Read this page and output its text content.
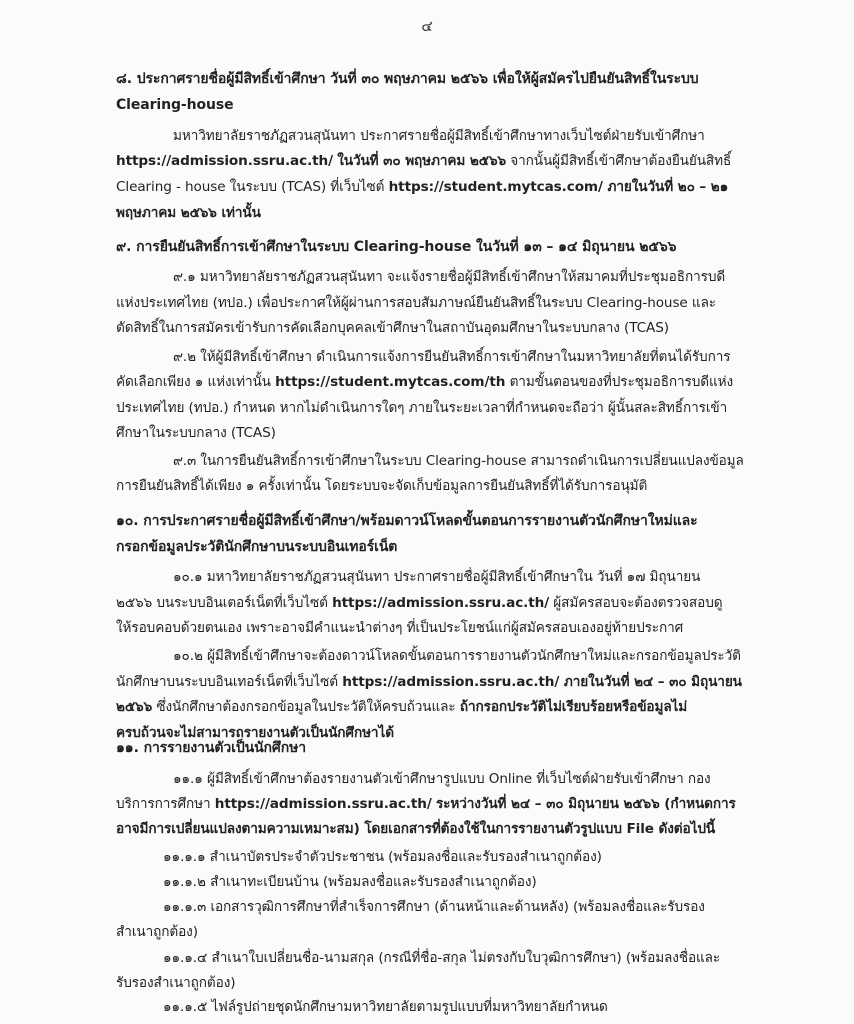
๔
๘. ประกาศรายชื่อผู้มีสิทธิ์เข้าศึกษา วันที่ ๓๐ พฤษภาคม ๒๕๖๖ เพื่อให้ผู้สมัครไปยืนยันสิทธิ์ในระบบ
Clearing-house
มหาวิทยาลัยราชภัฏสวนสุนันทา ประกาศรายชื่อผู้มีสิทธิ์เข้าศึกษาทางเว็บไซต์ฝ่ายรับเข้าศึกษา
https://admission.ssru.ac.th/ ในวันที่ ๓๐ พฤษภาคม ๒๕๖๖ จากนั้นผู้มีสิทธิ์เข้าศึกษาต้องยืนยันสิทธิ์
Clearing - house ในระบบ (TCAS) ที่เว็บไซต์ https://student.mytcas.com/ ภายในวันที่ ๒๐ – ๒๑
พฤษภาคม ๒๕๖๖ เท่านั้น
๙. การยืนยันสิทธิ์การเข้าศึกษาในระบบ Clearing-house ในวันที่ ๑๓ – ๑๔ มิถุนายน ๒๕๖๖
๙.๑ มหาวิทยาลัยราชภัฏสวนสุนันทา จะแจ้งรายชื่อผู้มีสิทธิ์เข้าศึกษาให้สมาคมที่ประชุมอธิการบดี
แห่งประเทศไทย (ทปอ.) เพื่อประกาศให้ผู้ผ่านการสอบสัมภาษณ์ยืนยันสิทธิ์ในระบบ Clearing-house และ
ตัดสิทธิ์ในการสมัครเข้ารับการคัดเลือกบุคคลเข้าศึกษาในสถาบันอุดมศึกษาในระบบกลาง (TCAS)
๙.๒ ให้ผู้มีสิทธิ์เข้าศึกษา ดำเนินการแจ้งการยืนยันสิทธิ์การเข้าศึกษาในมหาวิทยาลัยที่ตนได้รับการ
คัดเลือกเพียง ๑ แห่งเท่านั้น https://student.mytcas.com/th ตามขั้นตอนของที่ประชุมอธิการบดีแห่ง
ประเทศไทย (ทปอ.) กำหนด หากไม่ดำเนินการใดๆ ภายในระยะเวลาที่กำหนดจะถือว่า ผู้นั้นสละสิทธิ์การเข้า
ศึกษาในระบบกลาง (TCAS)
๙.๓ ในการยืนยันสิทธิ์การเข้าศึกษาในระบบ Clearing-house สามารถดำเนินการเปลี่ยนแปลงข้อมูล
การยืนยันสิทธิ์ได้เพียง ๑ ครั้งเท่านั้น โดยระบบจะจัดเก็บข้อมูลการยืนยันสิทธิ์ที่ได้รับการอนุมัติ
๑๐. การประกาศรายชื่อผู้มีสิทธิ์เข้าศึกษา/พร้อมดาวน์โหลดขั้นตอนการรายงานตัวนักศึกษาใหม่และ
กรอกข้อมูลประวัตินักศึกษาบนระบบอินเทอร์เน็ต
๑๐.๑ มหาวิทยาลัยราชภัฏสวนสุนันทา ประกาศรายชื่อผู้มีสิทธิ์เข้าศึกษาใน วันที่ ๑๗ มิถุนายน
๒๕๖๖ บนระบบอินเตอร์เน็ตที่เว็บไซต์ https://admission.ssru.ac.th/ ผู้สมัครสอบจะต้องตรวจสอบดู
ให้รอบคอบด้วยตนเอง เพราะอาจมีคำแนะนำต่างๆ ที่เป็นประโยชน์แก่ผู้สมัครสอบเองอยู่ท้ายประกาศ
๑๐.๒ ผู้มีสิทธิ์เข้าศึกษาจะต้องดาวน์โหลดขั้นตอนการรายงานตัวนักศึกษาใหม่และกรอกข้อมูลประวัติ
นักศึกษาบนระบบอินเทอร์เน็ตที่เว็บไซต์ https://admission.ssru.ac.th/ ภายในวันที่ ๒๔ – ๓๐ มิถุนายน
๒๕๖๖ ซึ่งนักศึกษาต้องกรอกข้อมูลในประวัติให้ครบถ้วนและ ถ้ากรอกประวัติไม่เรียบร้อยหรือข้อมูลไม่
ครบถ้วนจะไม่สามารถรายงานตัวเป็นนักศึกษาได้
๑๑. การรายงานตัวเป็นนักศึกษา
๑๑.๑ ผู้มีสิทธิ์เข้าศึกษาต้องรายงานตัวเข้าศึกษารูปแบบ Online ที่เว็บไซต์ฝ่ายรับเข้าศึกษา กอง
บริการการศึกษา https://admission.ssru.ac.th/ ระหว่างวันที่ ๒๔ – ๓๐ มิถุนายน ๒๕๖๖ (กำหนดการ
อาจมีการเปลี่ยนแปลงตามความเหมาะสม) โดยเอกสารที่ต้องใช้ในการรายงานตัวรูปแบบ File ดังต่อไปนี้
๑๑.๑.๑ สำเนาบัตรประจำตัวประชาชน (พร้อมลงชื่อและรับรองสำเนาถูกต้อง)
๑๑.๑.๒ สำเนาทะเบียนบ้าน (พร้อมลงชื่อและรับรองสำเนาถูกต้อง)
๑๑.๑.๓ เอกสารวุฒิการศึกษาที่สำเร็จการศึกษา (ด้านหน้าและด้านหลัง) (พร้อมลงชื่อและรับรอง
สำเนาถูกต้อง)
๑๑.๑.๔ สำเนาใบเปลี่ยนชื่อ-นามสกุล (กรณีที่ชื่อ-สกุล ไม่ตรงกับใบวุฒิการศึกษา) (พร้อมลงชื่อและ
รับรองสำเนาถูกต้อง)
๑๑.๑.๕ ไฟล์รูปถ่ายชุดนักศึกษามหาวิทยาลัยตามรูปแบบที่มหาวิทยาลัยกำหนด
